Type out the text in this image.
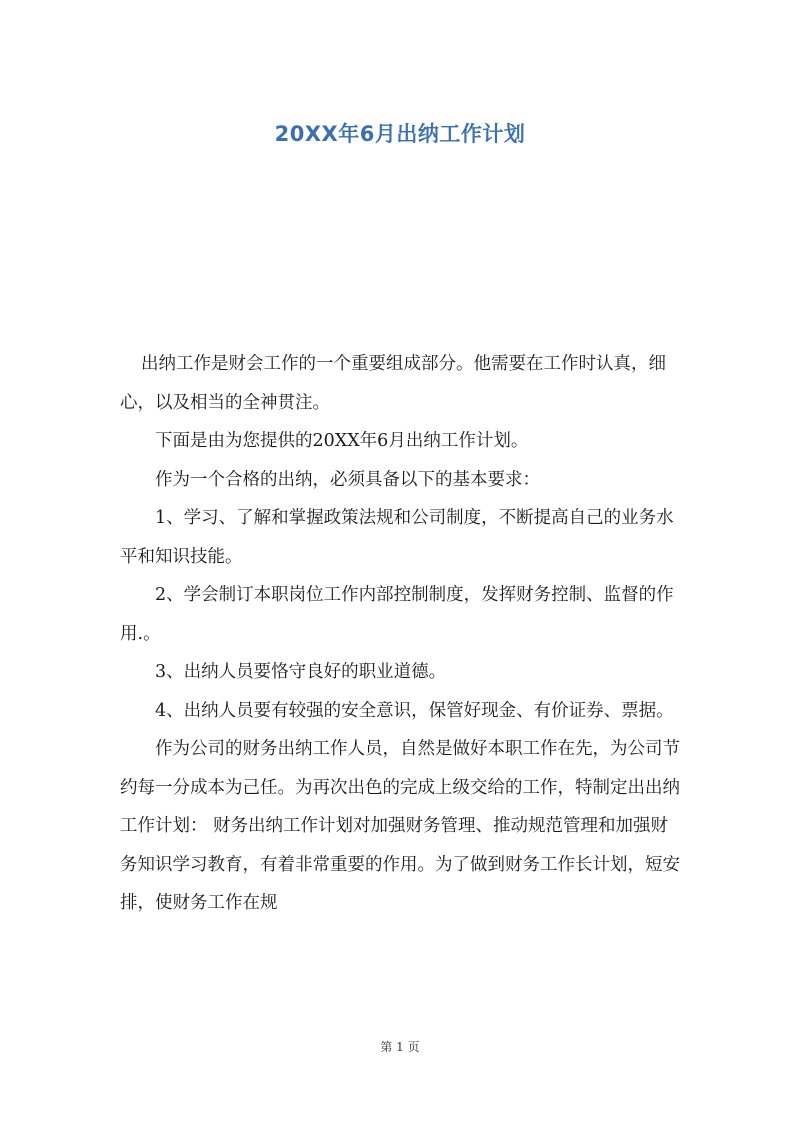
20XX年6月出纳工作计划

出纳工作是财会工作的一个重要组成部分。他需要在工作时认真，细心，以及相当的全神贯注。

下面是由为您提供的20XX年6月出纳工作计划。

作为一个合格的出纳，必须具备以下的基本要求：

1、学习、了解和掌握政策法规和公司制度，不断提高自己的业务水平和知识技能。

2、学会制订本职岗位工作内部控制制度，发挥财务控制、监督的作用.。

3、出纳人员要恪守良好的职业道德。

4、出纳人员要有较强的安全意识，保管好现金、有价证券、票据。

作为公司的财务出纳工作人员，自然是做好本职工作在先，为公司节约每一分成本为己任。为再次出色的完成上级交给的工作，特制定出出纳工作计划： 财务出纳工作计划对加强财务管理、推动规范管理和加强财务知识学习教育，有着非常重要的作用。为了做到财务工作长计划，短安排，使财务工作在规

第 1 页
